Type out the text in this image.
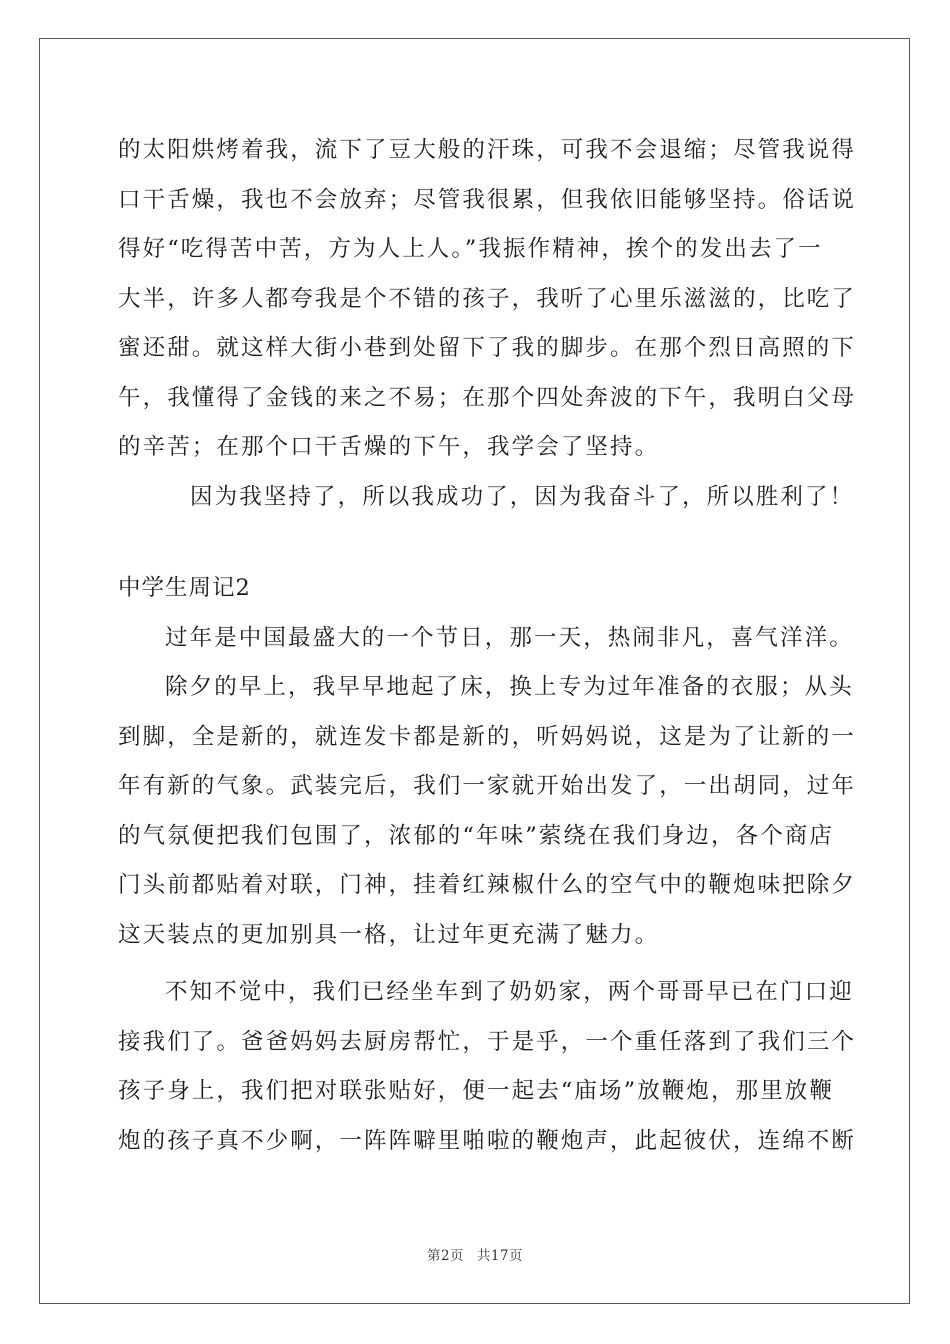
的太阳烘烤着我，流下了豆大般的汗珠，可我不会退缩；尽管我说得
口干舌燥，我也不会放弃；尽管我很累，但我依旧能够坚持。俗话说
得好“吃得苦中苦，方为人上人。”我振作精神，挨个的发出去了一
大半，许多人都夸我是个不错的孩子，我听了心里乐滋滋的，比吃了
蜜还甜。就这样大街小巷到处留下了我的脚步。在那个烈日高照的下
午，我懂得了金钱的来之不易；在那个四处奔波的下午，我明白父母
的辛苦；在那个口干舌燥的下午，我学会了坚持。
因为我坚持了，所以我成功了，因为我奋斗了，所以胜利了！
中学生周记2
过年是中国最盛大的一个节日，那一天，热闹非凡，喜气洋洋。
除夕的早上，我早早地起了床，换上专为过年准备的衣服；从头
到脚，全是新的，就连发卡都是新的，听妈妈说，这是为了让新的一
年有新的气象。武装完后，我们一家就开始出发了，一出胡同，过年
的气氛便把我们包围了，浓郁的“年味”萦绕在我们身边，各个商店
门头前都贴着对联，门神，挂着红辣椒什么的空气中的鞭炮味把除夕
这天装点的更加别具一格，让过年更充满了魅力。
不知不觉中，我们已经坐车到了奶奶家，两个哥哥早已在门口迎
接我们了。爸爸妈妈去厨房帮忙，于是乎，一个重任落到了我们三个
孩子身上，我们把对联张贴好，便一起去“庙场”放鞭炮，那里放鞭
炮的孩子真不少啊，一阵阵噼里啪啦的鞭炮声，此起彼伏，连绵不断
第2页 共17页
